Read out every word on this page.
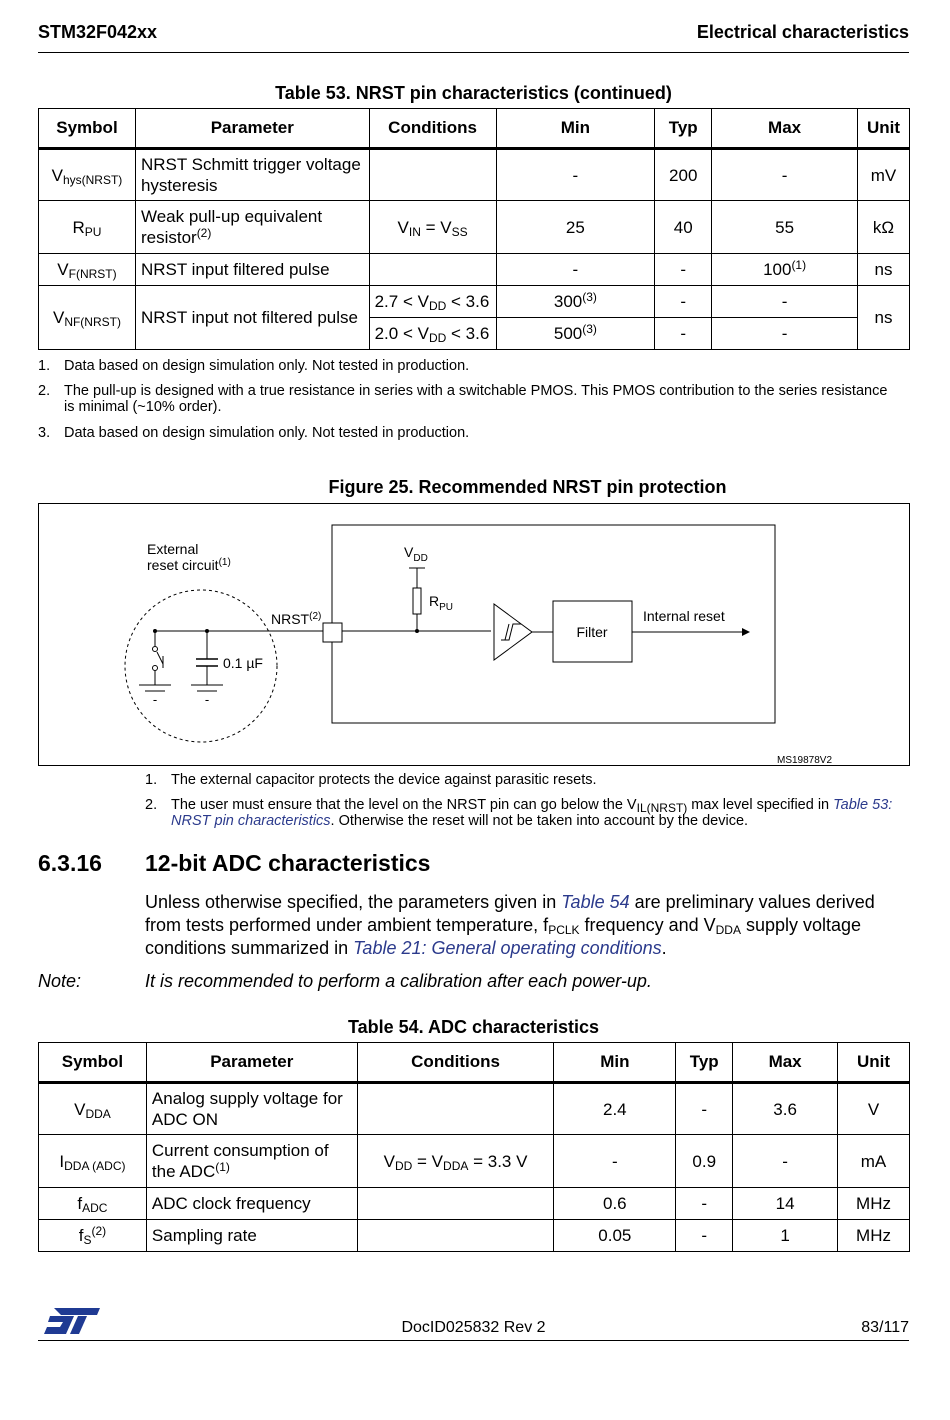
STM32F042xx	Electrical characteristics
Table 53. NRST pin characteristics (continued)
Symbol	Parameter	Conditions	Min	Typ	Max	Unit
$V_{hys(NRST)}$	NRST Schmitt trigger voltage hysteresis		-	200	-	mV
$R_{PU}$	Weak pull-up equivalent resistor$^{(2)}$	$V_{IN} = V_{SS}$	25	40	55	kΩ
$V_{F(NRST)}$	NRST input filtered pulse		-	-	100$^{(1)}$	ns
$V_{NF(NRST)}$	NRST input not filtered pulse	$2.7 < V_{DD} < 3.6$	300$^{(3)}$	-	-	ns
		$2.0 < V_{DD} < 3.6$	500$^{(3)}$	-	-	
1. Data based on design simulation only. Not tested in production.
2. The pull-up is designed with a true resistance in series with a switchable PMOS. This PMOS contribution to the series resistance is minimal (~10% order).
3. Data based on design simulation only. Not tested in production.
Figure 25. Recommended NRST pin protection
External
reset circuit$^{(1)}$
-	-
0.1 µF
NRST$^{(2)}$
$V_{DD}$
$R_{PU}$
Filter
Internal reset
MS19878V2
1. The external capacitor protects the device against parasitic resets.
2. The user must ensure that the level on the NRST pin can go below the $V_{IL(NRST)}$ max level specified in Table 53: NRST pin characteristics. Otherwise the reset will not be taken into account by the device.
6.3.16 12-bit ADC characteristics
Unless otherwise specified, the parameters given in Table 54 are preliminary values derived from tests performed under ambient temperature, $f_{PCLK}$ frequency and $V_{DDA}$ supply voltage conditions summarized in Table 21: General operating conditions.
Note:	It is recommended to perform a calibration after each power-up.
Table 54. ADC characteristics
Symbol	Parameter	Conditions	Min	Typ	Max	Unit
$V_{DDA}$	Analog supply voltage for ADC ON		2.4	-	3.6	V
$I_{DDA (ADC)}$	Current consumption of the ADC$^{(1)}$	$V_{DD} = V_{DDA} = 3.3$ V	-	0.9	-	mA
$f_{ADC}$	ADC clock frequency		0.6	-	14	MHz
$f_S^{(2)}$	Sampling rate		0.05	-	1	MHz
DocID025832 Rev 2	83/117
